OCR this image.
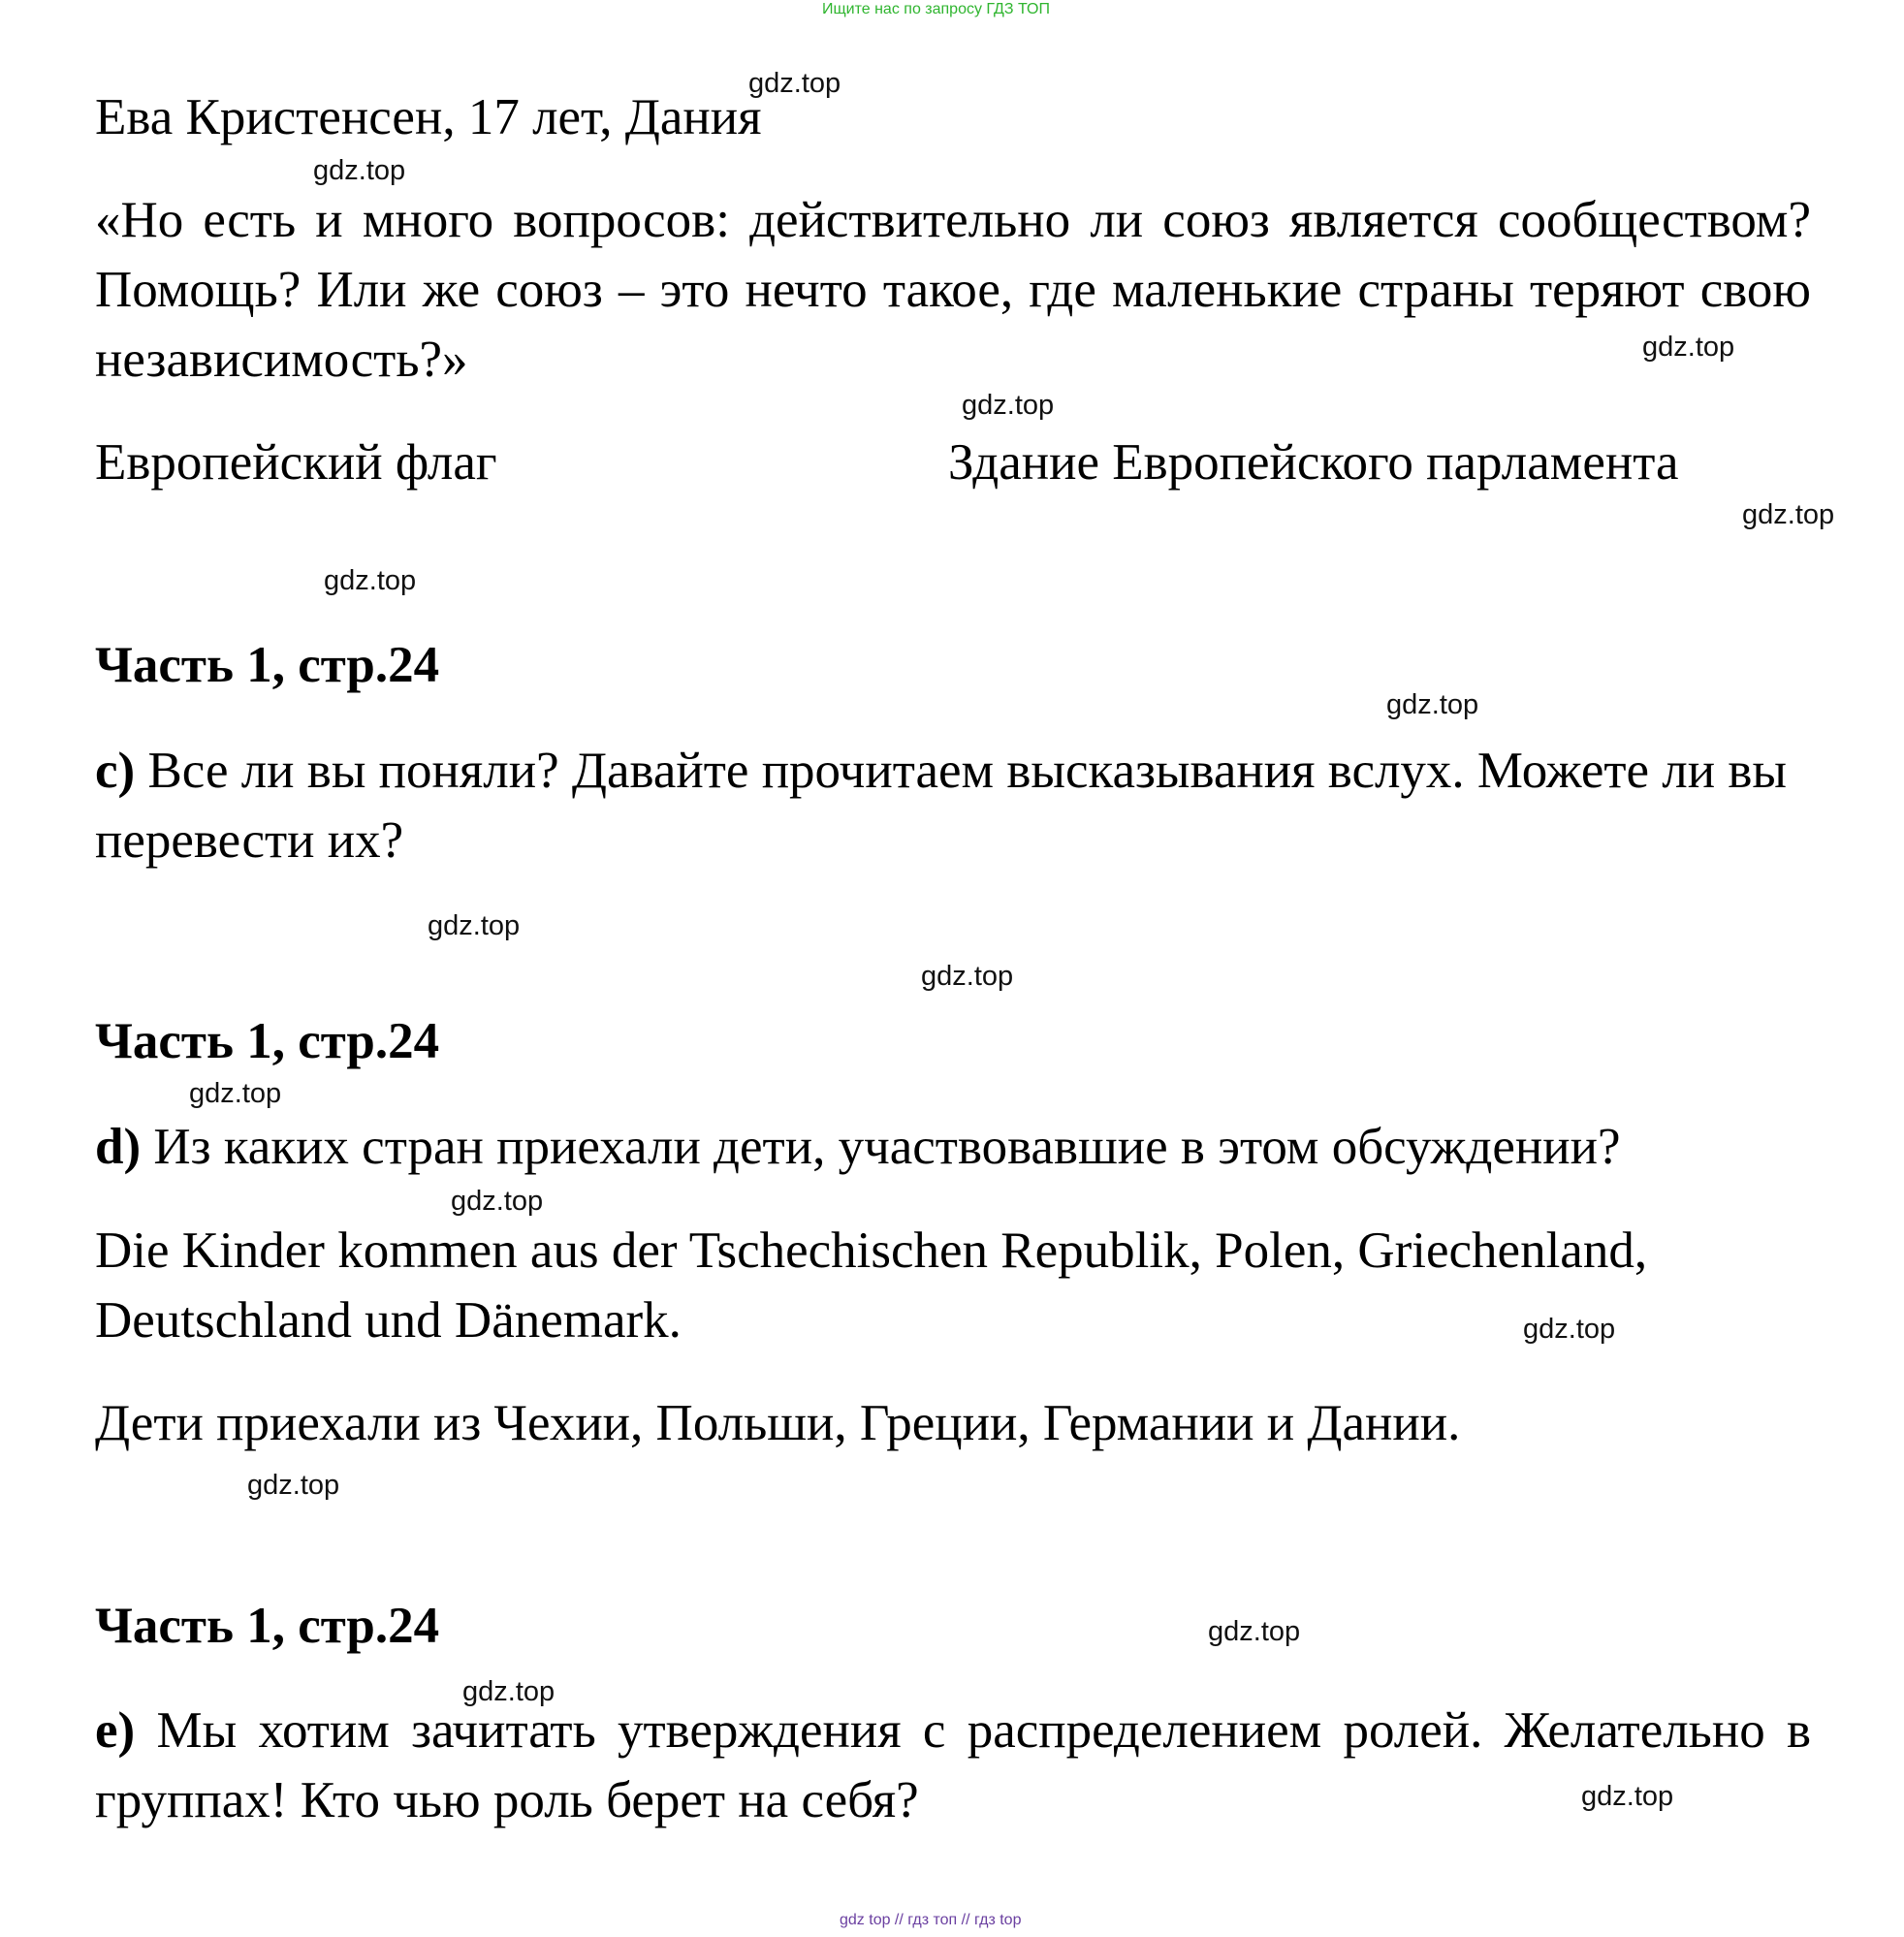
Ищите нас по запросу ГДЗ ТОП
gdz.top
gdz.top
gdz.top
gdz.top
gdz.top
gdz.top
gdz.top
gdz.top
gdz.top
gdz.top
gdz.top
gdz.top
gdz.top
gdz.top
gdz.top
gdz.top
Ева Кристенсен, 17 лет, Дания
«Но есть и много вопросов: действительно ли союз является сообществом? Помощь? Или же союз – это нечто такое, где маленькие страны теряют свою независимость?»
Европейский флаг	Здание Европейского парламента
Часть 1, стр.24
c) Все ли вы поняли? Давайте прочитаем высказывания вслух. Можете ли вы перевести их?
Часть 1, стр.24
d) Из каких стран приехали дети, участвовавшие в этом обсуждении?
Die Kinder kommen aus der Tschechischen Republik, Polen, Griechenland, Deutschland und Dänemark.
Дети приехали из Чехии, Польши, Греции, Германии и Дании.
Часть 1, стр.24
e) Мы хотим зачитать утверждения с распределением ролей. Желательно в группах! Кто чью роль берет на себя?
gdz top // гдз топ // гдз top
